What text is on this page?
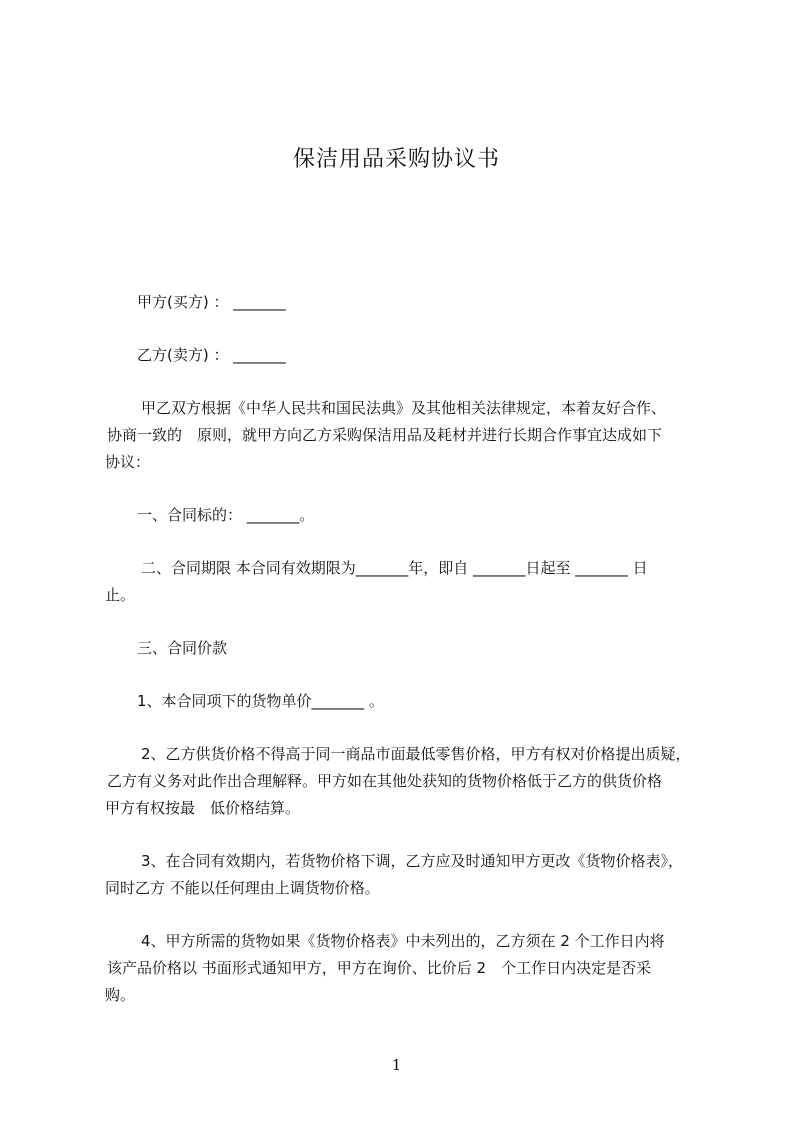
保洁用品采购协议书
甲方(买方) ： _______
乙方(卖方) ： _______
甲乙双方根据《中华人民共和国民法典》及其他相关法律规定，本着友好合作、
协商一致的　原则，就甲方向乙方采购保洁用品及耗材并进行长期合作事宜达成如下
协议：
一、合同标的： _______。
二、合同期限 本合同有效期限为_______年，即自 _______日起至 _______ 日
止。
三、合同价款
1、本合同项下的货物单价_______ 。
2、乙方供货价格不得高于同一商品市面最低零售价格，甲方有权对价格提出质疑，
乙方有义务对此作出合理解释。甲方如在其他处获知的货物价格低于乙方的供货价格
甲方有权按最　低价格结算。
3、在合同有效期内，若货物价格下调，乙方应及时通知甲方更改《货物价格表》，
同时乙方 不能以任何理由上调货物价格。
4、甲方所需的货物如果《货物价格表》中未列出的，乙方须在 2 个工作日内将
该产品价格以 书面形式通知甲方，甲方在询价、比价后 2　个工作日内决定是否采
购。
1
